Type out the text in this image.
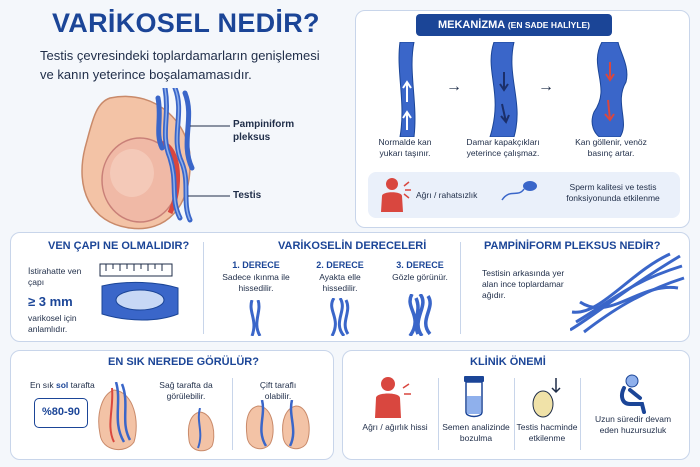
VARİKOSEL NEDİR?
Testis çevresindeki toplardamarların genişlemesi ve kanın yeterince boşalamamasıdır.
Pampiniform pleksus
Testis
MEKANİZMA (EN SADE HALİYLE)
→	→
Normalde kan yukarı taşınır.
Damar kapakçıkları yeterince çalışmaz.
Kan göllenir, venöz basınç artar.
Ağrı / rahatsızlık
Sperm kalitesi ve testis fonksiyonunda etkilenme
VEN ÇAPI NE OLMALIDIR?
İstirahatte ven çapı
≥ 3 mm
varikosel için anlamlıdır.
VARİKOSELİN DERECELERİ
1. DERECE
Sadece ıkınma ile hissedilir.
2. DERECE
Ayakta elle hissedilir.
3. DERECE
Gözle görünür.
PAMPİNİFORM PLEKSUS NEDİR?
Testisin arkasında yer alan ince toplardamar ağıdır.
EN SIK NEREDE GÖRÜLÜR?
En sık sol tarafta
%80-90
Sağ tarafta da görülebilir.
Çift taraflı olabilir.
KLİNİK ÖNEMİ
Ağrı / ağırlık hissi	Semen analizinde bozulma
Testis hacminde etkilenme
Uzun süredir devam eden huzursuzluk
